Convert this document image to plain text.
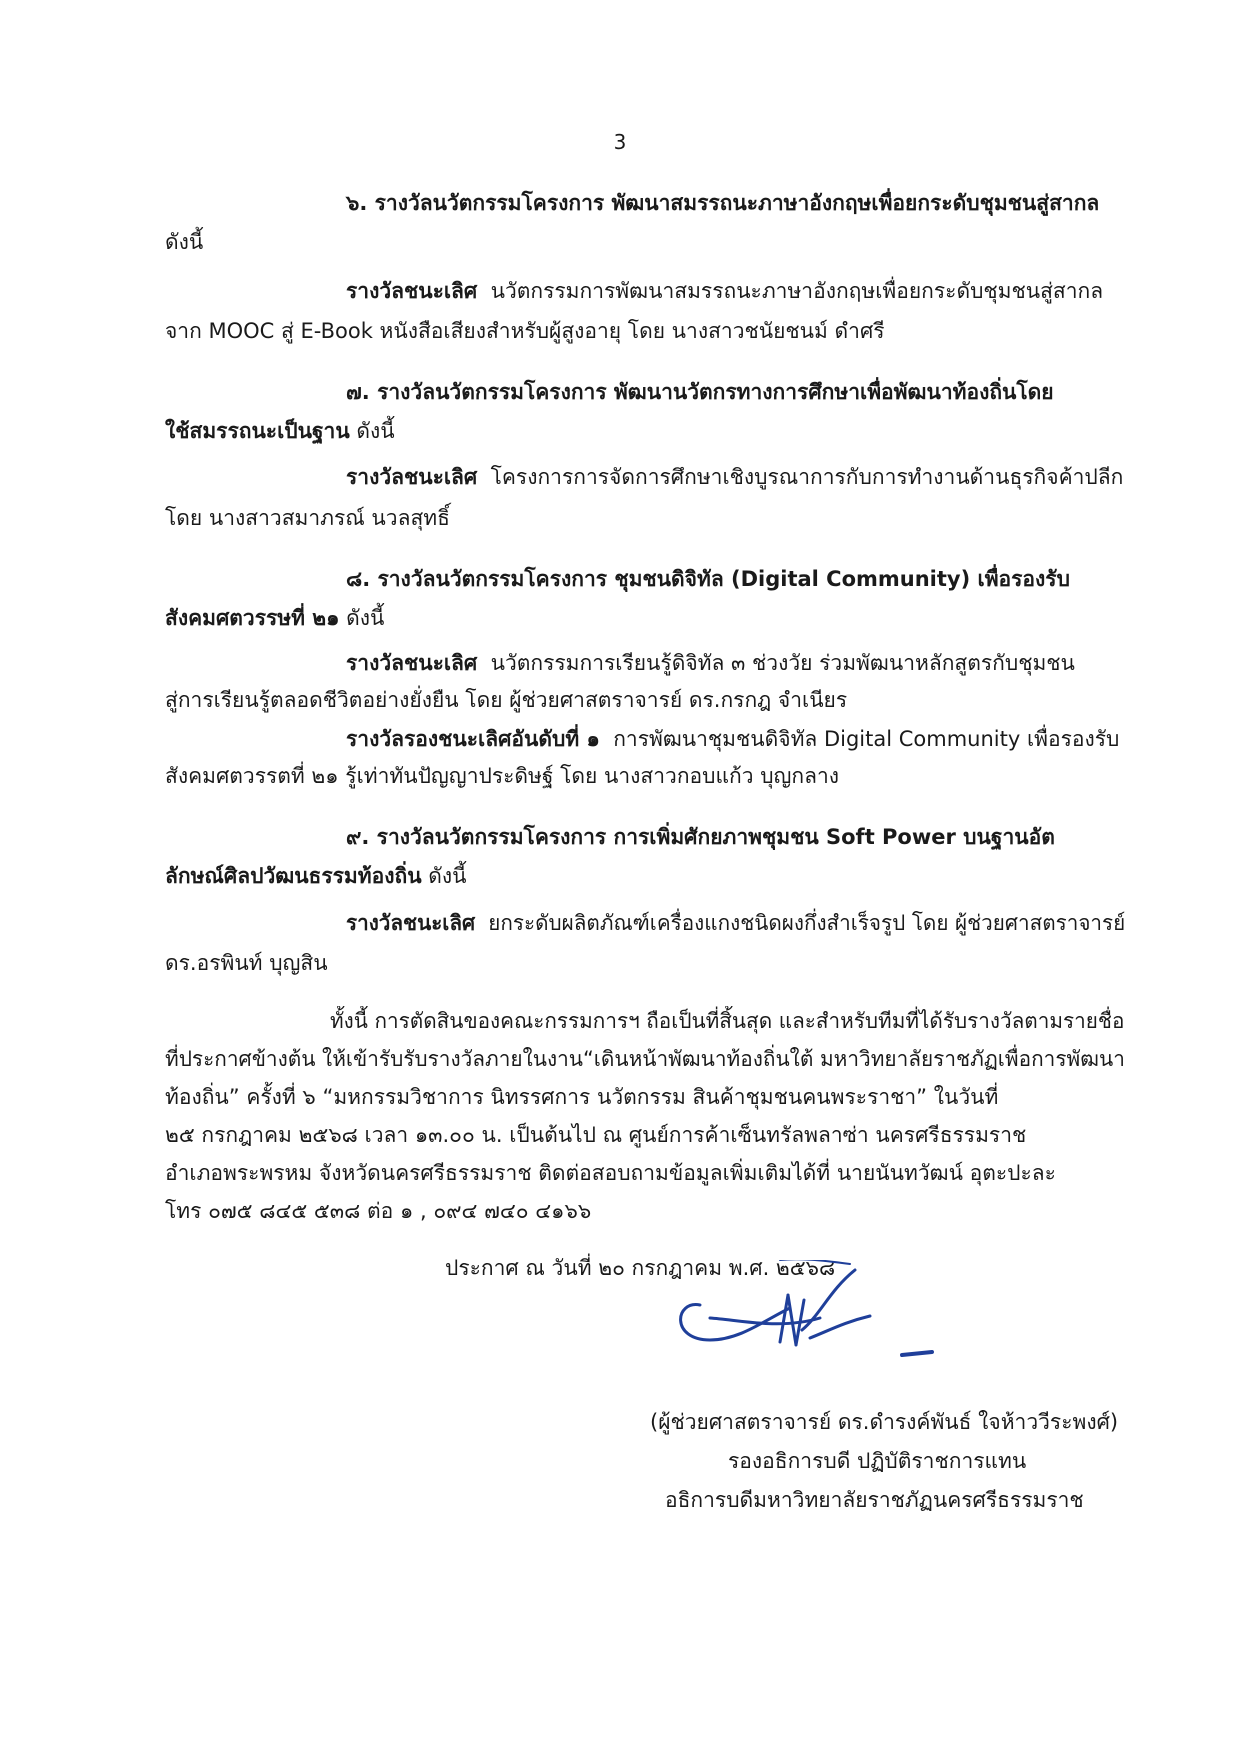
3
๖. รางวัลนวัตกรรมโครงการ พัฒนาสมรรถนะภาษาอังกฤษเพื่อยกระดับชุมชนสู่สากล
ดังนี้
รางวัลชนะเลิศ นวัตกรรมการพัฒนาสมรรถนะภาษาอังกฤษเพื่อยกระดับชุมชนสู่สากล
จาก MOOC สู่ E-Book หนังสือเสียงสำหรับผู้สูงอายุ โดย นางสาวชนัยชนม์ ดำศรี
๗. รางวัลนวัตกรรมโครงการ พัฒนานวัตกรทางการศึกษาเพื่อพัฒนาท้องถิ่นโดย
ใช้สมรรถนะเป็นฐาน ดังนี้
รางวัลชนะเลิศ โครงการการจัดการศึกษาเชิงบูรณาการกับการทำงานด้านธุรกิจค้าปลีก
โดย นางสาวสมาภรณ์ นวลสุทธิ์
๘. รางวัลนวัตกรรมโครงการ ชุมชนดิจิทัล (Digital Community) เพื่อรองรับ
สังคมศตวรรษที่ ๒๑ ดังนี้
รางวัลชนะเลิศ นวัตกรรมการเรียนรู้ดิจิทัล ๓ ช่วงวัย ร่วมพัฒนาหลักสูตรกับชุมชน
สู่การเรียนรู้ตลอดชีวิตอย่างยั่งยืน โดย ผู้ช่วยศาสตราจารย์ ดร.กรกฎ จำเนียร
รางวัลรองชนะเลิศอันดับที่ ๑ การพัฒนาชุมชนดิจิทัล Digital Community เพื่อรองรับ
สังคมศตวรรตที่ ๒๑ รู้เท่าทันปัญญาประดิษฐ์ โดย นางสาวกอบแก้ว บุญกลาง
๙. รางวัลนวัตกรรมโครงการ การเพิ่มศักยภาพชุมชน Soft Power บนฐานอัต
ลักษณ์ศิลปวัฒนธรรมท้องถิ่น ดังนี้
รางวัลชนะเลิศ ยกระดับผลิตภัณฑ์เครื่องแกงชนิดผงกึ่งสำเร็จรูป โดย ผู้ช่วยศาสตราจารย์
ดร.อรพินท์ บุญสิน
ทั้งนี้ การตัดสินของคณะกรรมการฯ ถือเป็นที่สิ้นสุด และสำหรับทีมที่ได้รับรางวัลตามรายชื่อ
ที่ประกาศข้างต้น ให้เข้ารับรับรางวัลภายในงาน“เดินหน้าพัฒนาท้องถิ่นใต้ มหาวิทยาลัยราชภัฏเพื่อการพัฒนา
ท้องถิ่น” ครั้งที่ ๖ “มหกรรมวิชาการ นิทรรศการ นวัตกรรม สินค้าชุมชนคนพระราชา” ในวันที่
๒๕ กรกฎาคม ๒๕๖๘ เวลา ๑๓.๐๐ น. เป็นต้นไป ณ ศูนย์การค้าเซ็นทรัลพลาซ่า นครศรีธรรมราช
อำเภอพระพรหม จังหวัดนครศรีธรรมราช ติดต่อสอบถามข้อมูลเพิ่มเติมได้ที่ นายนันทวัฒน์ อุตะปะละ
โทร ๐๗๕ ๘๔๕ ๕๓๘ ต่อ ๑ , ๐๙๔ ๗๔๐ ๔๑๖๖
ประกาศ ณ วันที่ ๒๐ กรกฎาคม พ.ศ. ๒๕๖๘
(ผู้ช่วยศาสตราจารย์ ดร.ดำรงค์พันธ์ ใจห้าววีระพงศ์)
รองอธิการบดี ปฏิบัติราชการแทน
อธิการบดีมหาวิทยาลัยราชภัฏนครศรีธรรมราช
